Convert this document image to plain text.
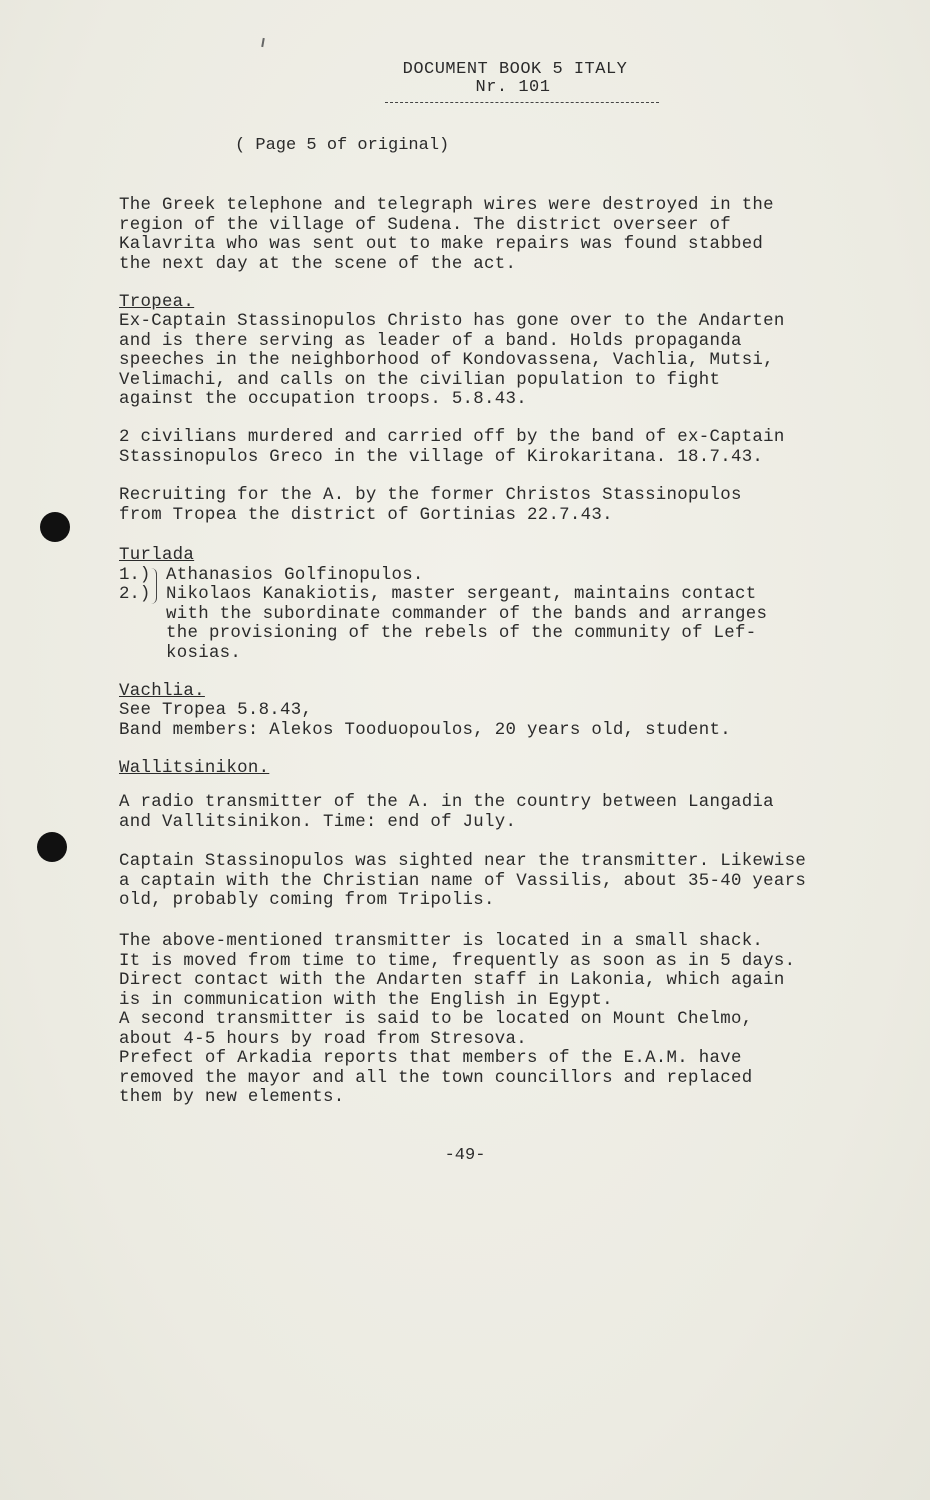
DOCUMENT BOOK 5 ITALY
Nr. 101
( Page 5 of original)
The Greek telephone and telegraph wires were destroyed in the
region of the village of Sudena. The district overseer of
Kalavrita who was sent out to make repairs was found stabbed
the next day at the scene of the act.
Tropea.
Ex-Captain Stassinopulos Christo has gone over to the Andarten
and is there serving as leader of a band. Holds propaganda
speeches in the neighborhood of Kondovassena, Vachlia, Mutsi,
Velimachi, and calls on the civilian population to fight
against the occupation troops. 5.8.43.
2 civilians murdered and carried off by the band of ex-Captain
Stassinopulos Greco in the village of Kirokaritana. 18.7.43.
Recruiting for the A. by the former Christos Stassinopulos
from Tropea the district of Gortinias 22.7.43.
Turlada
1.) Athanasios Golfinopulos.
2.) Nikolaos Kanakiotis, master sergeant, maintains contact
with the subordinate commander of the bands and arranges
the provisioning of the rebels of the community of Lef-
kosias.
Vachlia.
See Tropea 5.8.43,
Band members: Alekos Tooduopoulos, 20 years old, student.
Wallitsinikon.
A radio transmitter of the A. in the country between Langadia
and Vallitsinikon. Time: end of July.
Captain Stassinopulos was sighted near the transmitter. Likewise
a captain with the Christian name of Vassilis, about 35-40 years
old, probably coming from Tripolis.
The above-mentioned transmitter is located in a small shack.
It is moved from time to time, frequently as soon as in 5 days.
Direct contact with the Andarten staff in Lakonia, which again
is in communication with the English in Egypt.
A second transmitter is said to be located on Mount Chelmo,
about 4-5 hours by road from Stresova.
Prefect of Arkadia reports that members of the E.A.M. have
removed the mayor and all the town councillors and replaced
them by new elements.
-49-
